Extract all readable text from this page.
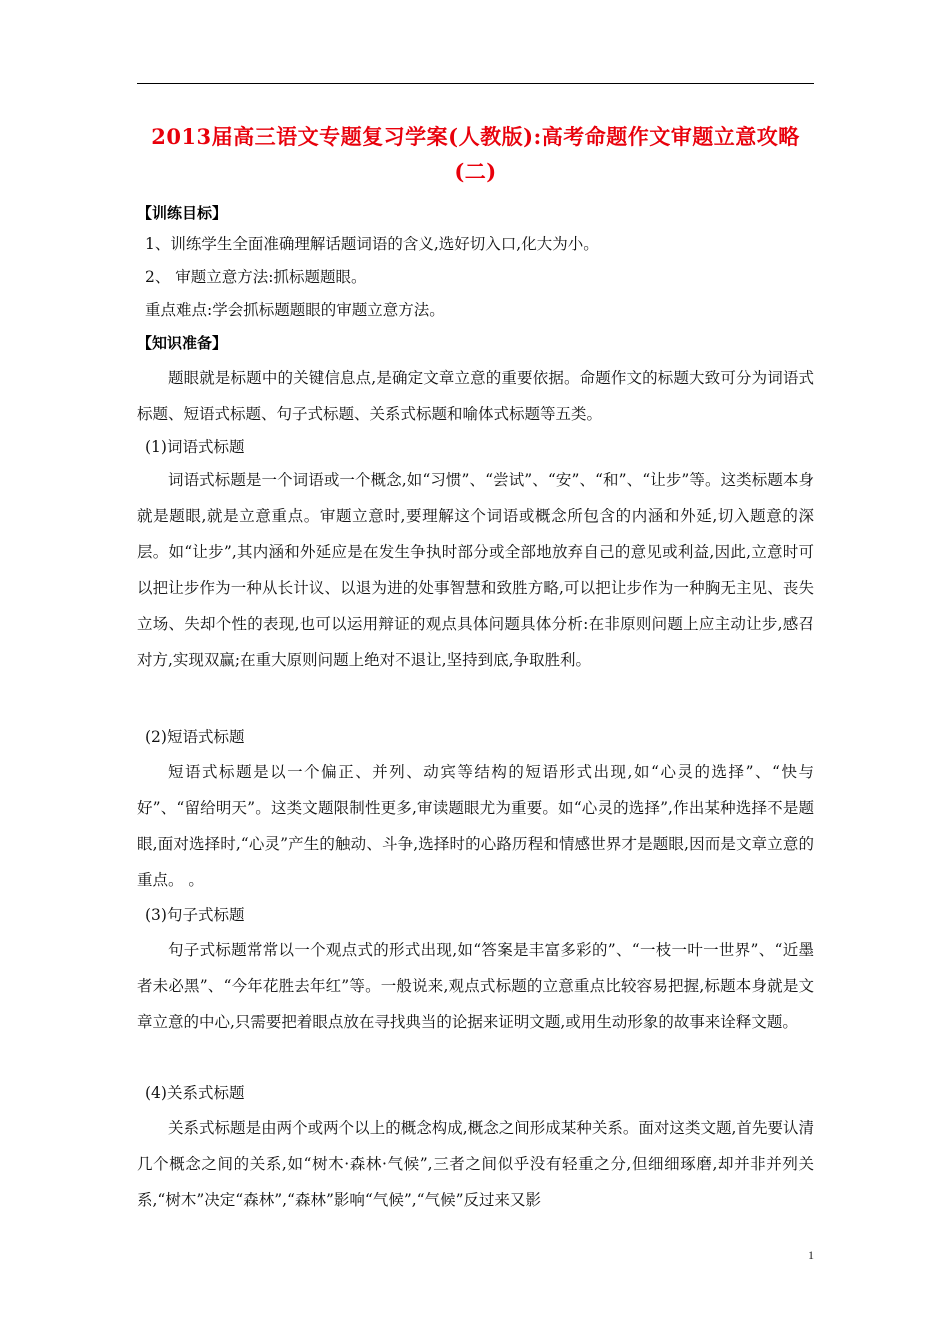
2013届高三语文专题复习学案(人教版):高考命题作文审题立意攻略
(二)
【训练目标】
1、训练学生全面准确理解话题词语的含义,选好切入口,化大为小。
2、 审题立意方法:抓标题题眼。
重点难点:学会抓标题题眼的审题立意方法。
【知识准备】
题眼就是标题中的关键信息点,是确定文章立意的重要依据。命题作文的标题大致可分为词语式标题、短语式标题、句子式标题、关系式标题和喻体式标题等五类。
(1)词语式标题
词语式标题是一个词语或一个概念,如“习惯”、“尝试”、“安”、“和”、“让步”等。这类标题本身就是题眼,就是立意重点。审题立意时,要理解这个词语或概念所包含的内涵和外延,切入题意的深层。如“让步”,其内涵和外延应是在发生争执时部分或全部地放弃自己的意见或利益,因此,立意时可以把让步作为一种从长计议、以退为进的处事智慧和致胜方略,可以把让步作为一种胸无主见、丧失立场、失却个性的表现,也可以运用辩证的观点具体问题具体分析:在非原则问题上应主动让步,感召对方,实现双赢;在重大原则问题上绝对不退让,坚持到底,争取胜利。
(2)短语式标题
短语式标题是以一个偏正、并列、动宾等结构的短语形式出现,如“心灵的选择”、“快与好”、“留给明天”。这类文题限制性更多,审读题眼尤为重要。如“心灵的选择”,作出某种选择不是题眼,面对选择时,“心灵”产生的触动、斗争,选择时的心路历程和情感世界才是题眼,因而是文章立意的重点。 。
(3)句子式标题
句子式标题常常以一个观点式的形式出现,如“答案是丰富多彩的”、“一枝一叶一世界”、“近墨者未必黑”、“今年花胜去年红”等。一般说来,观点式标题的立意重点比较容易把握,标题本身就是文章立意的中心,只需要把着眼点放在寻找典当的论据来证明文题,或用生动形象的故事来诠释文题。
(4)关系式标题
关系式标题是由两个或两个以上的概念构成,概念之间形成某种关系。面对这类文题,首先要认清几个概念之间的关系,如“树木·森林·气候”,三者之间似乎没有轻重之分,但细细琢磨,却并非并列关系,“树木”决定“森林”,“森林”影响“气候”,“气候”反过来又影
1
